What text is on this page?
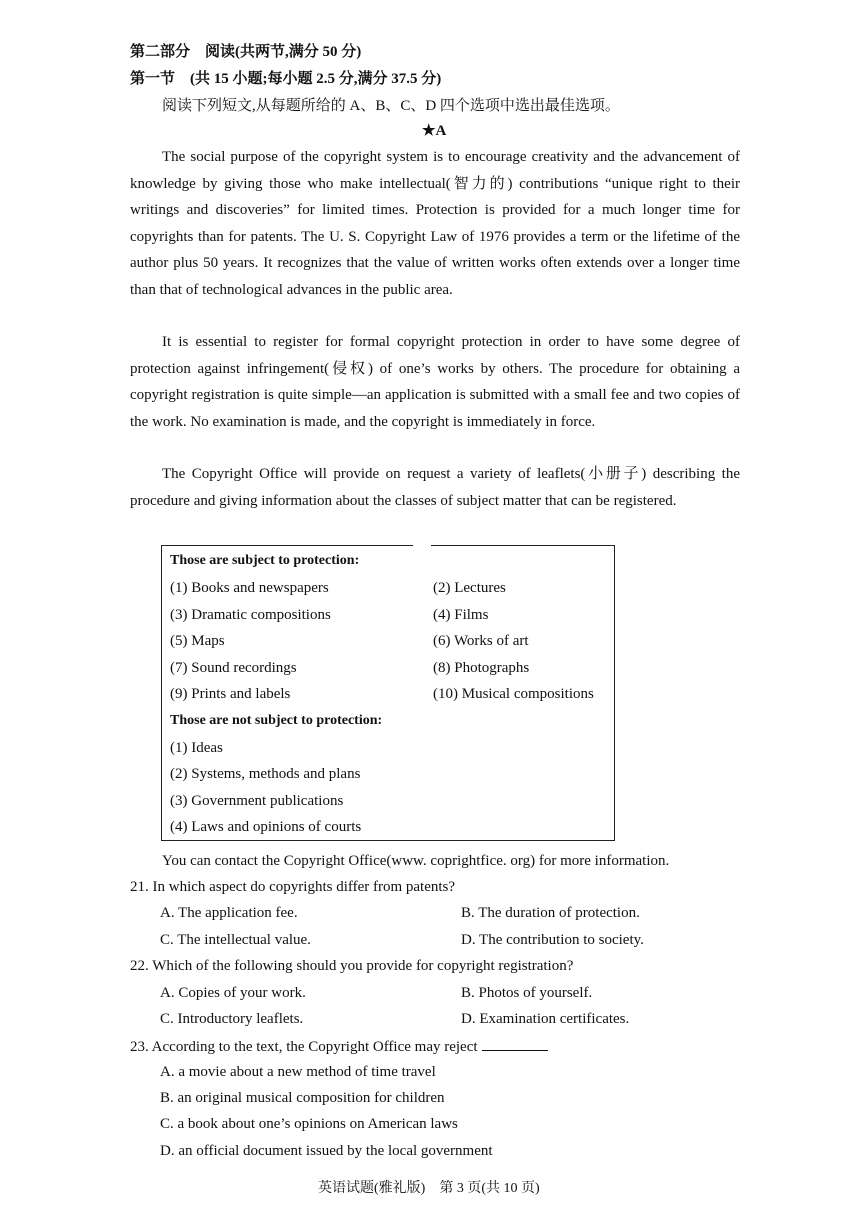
第二部分　阅读(共两节,满分 50 分)
第一节　(共 15 小题;每小题 2.5 分,满分 37.5 分)
阅读下列短文,从每题所给的 A、B、C、D 四个选项中选出最佳选项。
★A
The social purpose of the copyright system is to encourage creativity and the advancement of knowledge by giving those who make intellectual(智力的) contributions “unique right to their writings and discoveries” for limited times. Protection is provided for a much longer time for copyrights than for patents. The U. S. Copyright Law of 1976 provides a term or the lifetime of the author plus 50 years. It recognizes that the value of written works often extends over a longer time than that of technological advances in the public area.
It is essential to register for formal copyright protection in order to have some degree of protection against infringement(侵权) of one’s works by others. The procedure for obtaining a copyright registration is quite simple—an application is submitted with a small fee and two copies of the work. No examination is made, and the copyright is immediately in force.
The Copyright Office will provide on request a variety of leaflets(小册子) describing the procedure and giving information about the classes of subject matter that can be registered.
Those are subject to protection:
(1) Books and newspapers	(2) Lectures
(3) Dramatic compositions	(4) Films
(5) Maps	(6) Works of art
(7) Sound recordings	(8) Photographs
(9) Prints and labels	(10) Musical compositions
Those are not subject to protection:
(1) Ideas
(2) Systems, methods and plans
(3) Government publications
(4) Laws and opinions of courts
You can contact the Copyright Office(www. coprightfice. org) for more information.
21. In which aspect do copyrights differ from patents?
A. The application fee.	B. The duration of protection.
C. The intellectual value.	D. The contribution to society.
22. Which of the following should you provide for copyright registration?
A. Copies of your work.	B. Photos of yourself.
C. Introductory leaflets.	D. Examination certificates.
23. According to the text, the Copyright Office may reject
A. a movie about a new method of time travel
B. an original musical composition for children
C. a book about one’s opinions on American laws
D. an official document issued by the local government
英语试题(雅礼版)　第 3 页(共 10 页)
